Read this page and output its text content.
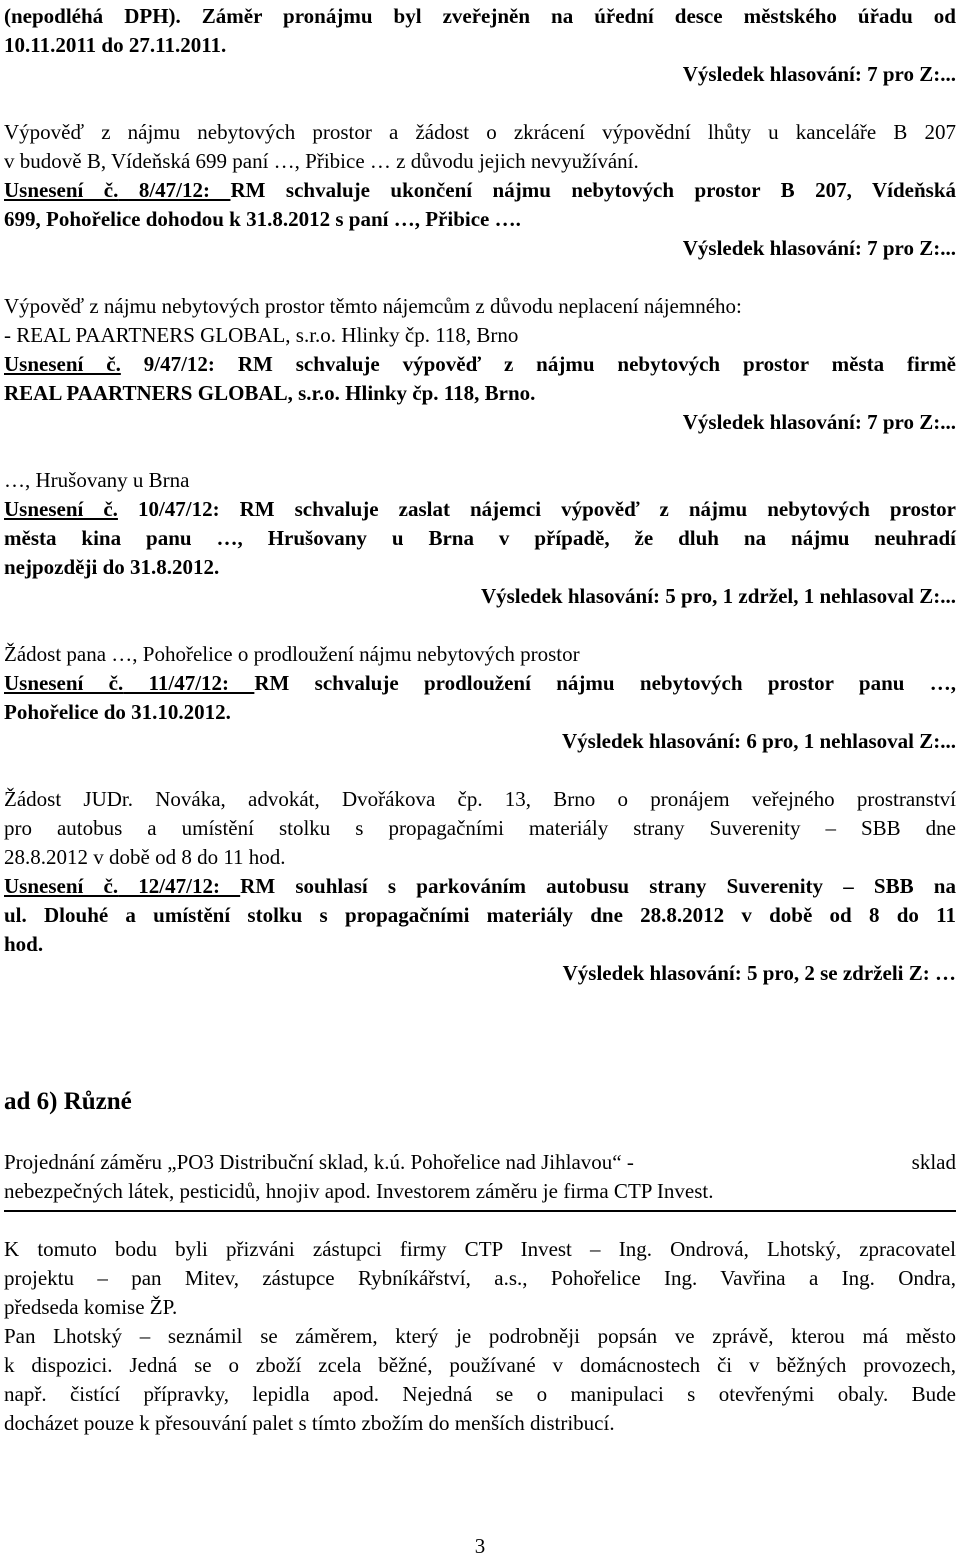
(nepodléhá DPH). Záměr pronájmu byl zveřejněn na úřední desce městského úřadu od

10.11.2011 do 27.11.2011.

Výsledek hlasování: 7 pro Z:...

Výpověď z nájmu nebytových prostor a žádost o zkrácení výpovědní lhůty u kanceláře B 207

v budově B, Vídeňská 699 paní …, Přibice … z důvodu jejich nevyužívání.

Usnesení č. 8/47/12: RM schvaluje ukončení nájmu nebytových prostor B 207, Vídeňská

699, Pohořelice dohodou k 31.8.2012 s paní …, Přibice ….

Výsledek hlasování: 7 pro Z:...

Výpověď z nájmu nebytových prostor těmto nájemcům z důvodu neplacení nájemného:

- REAL PAARTNERS GLOBAL, s.r.o. Hlinky čp. 118, Brno

Usnesení č. 9/47/12: RM schvaluje výpověď z nájmu nebytových prostor města firmě

REAL PAARTNERS GLOBAL, s.r.o. Hlinky čp. 118, Brno.

Výsledek hlasování: 7 pro Z:...

…, Hrušovany u Brna

Usnesení č. 10/47/12: RM schvaluje zaslat nájemci výpověď z nájmu nebytových prostor

města kina panu …, Hrušovany u Brna v případě, že dluh na nájmu neuhradí

nejpozději do 31.8.2012.

Výsledek hlasování: 5 pro, 1 zdržel, 1 nehlasoval Z:...

Žádost pana …, Pohořelice o prodloužení nájmu nebytových prostor

Usnesení č. 11/47/12: RM schvaluje prodloužení nájmu nebytových prostor panu …,

Pohořelice do 31.10.2012.

Výsledek hlasování: 6 pro, 1 nehlasoval Z:...

Žádost JUDr. Nováka, advokát, Dvořákova čp. 13, Brno o pronájem veřejného prostranství

pro autobus a umístění stolku s propagačními materiály strany Suverenity – SBB dne

28.8.2012 v době od 8 do 11 hod.

Usnesení č. 12/47/12: RM souhlasí s parkováním autobusu strany Suverenity – SBB na

ul. Dlouhé a umístění stolku s propagačními materiály dne 28.8.2012 v době od 8 do 11

hod.

Výsledek hlasování: 5 pro, 2 se zdrželi Z: …

ad 6) Různé

Projednání záměru „PO3 Distribuční sklad, k.ú. Pohořelice nad Jihlavou“ -	sklad

nebezpečných látek, pesticidů, hnojiv apod. Investorem záměru je firma CTP Invest.

K tomuto bodu byli přizváni zástupci firmy CTP Invest – Ing. Ondrová, Lhotský, zpracovatel

projektu – pan Mitev, zástupce Rybníkářství, a.s., Pohořelice Ing. Vavřina a Ing. Ondra,

předseda komise ŽP.

Pan Lhotský – seznámil se záměrem, který je podrobněji popsán ve zprávě, kterou má město

k dispozici. Jedná se o zboží zcela běžné, používané v domácnostech či v běžných provozech,

např. čistící přípravky, lepidla apod. Nejedná se o manipulaci s otevřenými obaly. Bude

docházet pouze k přesouvání palet s tímto zbožím do menších distribucí.

3
